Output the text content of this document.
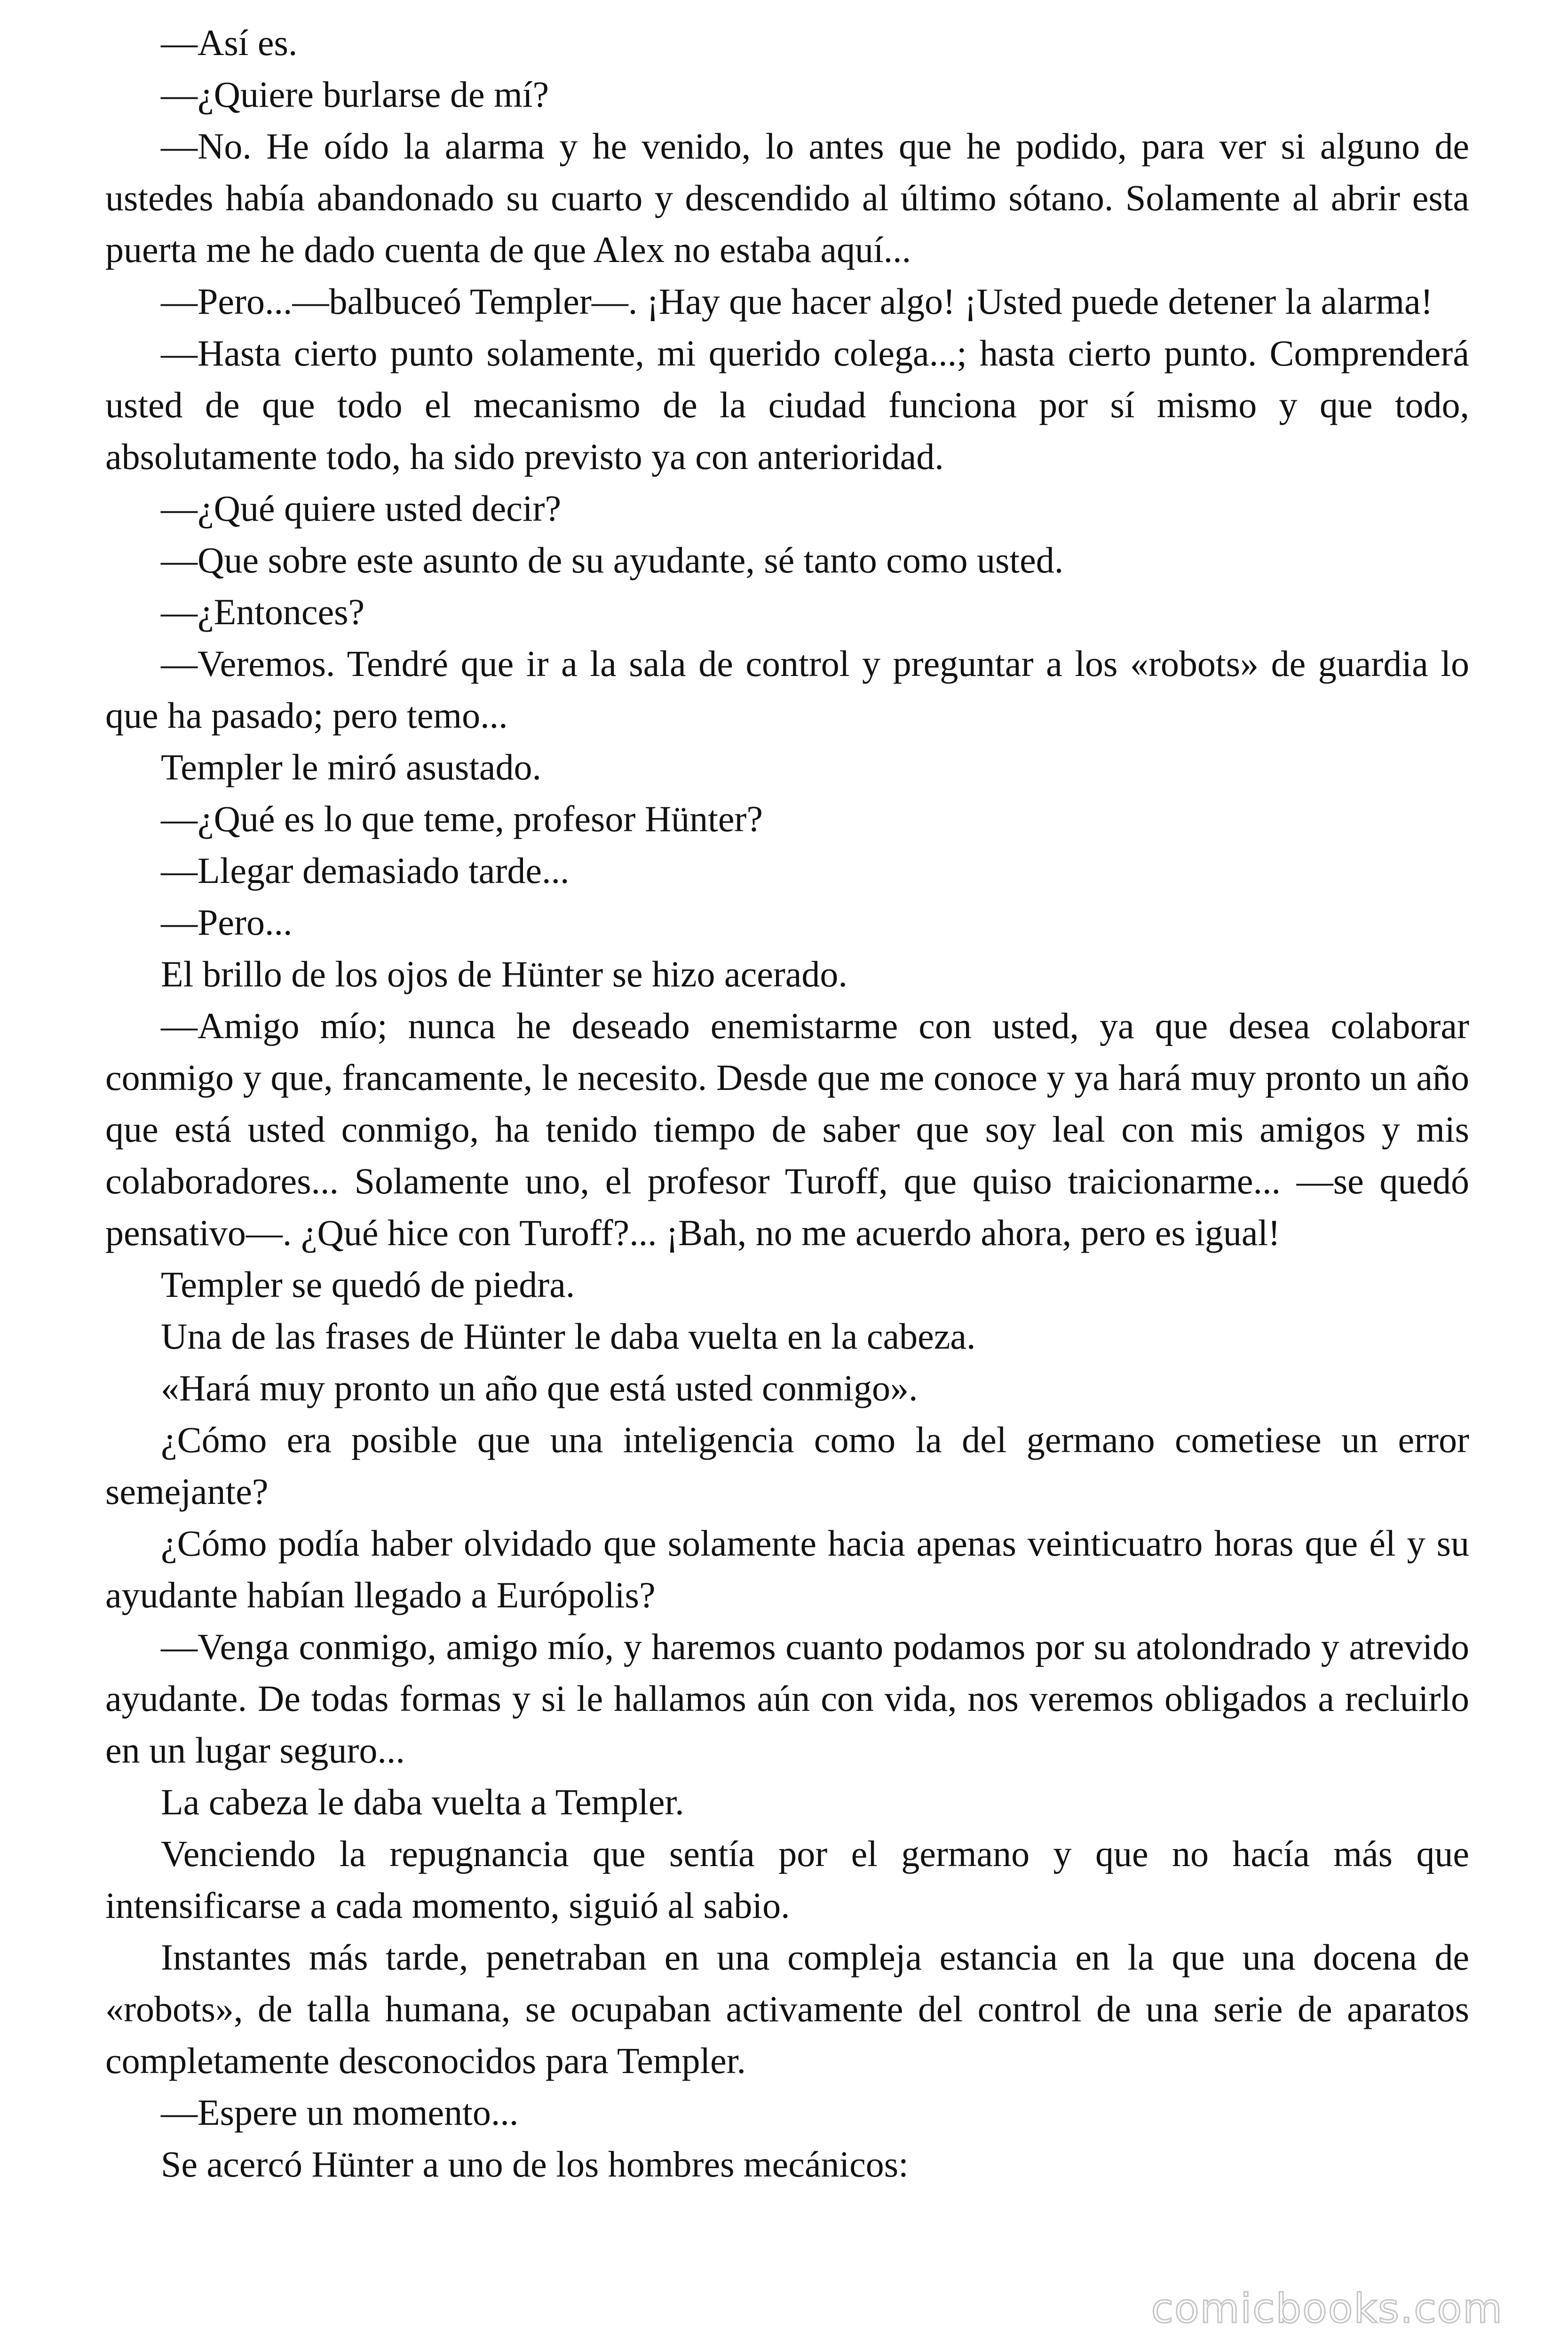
—Así es.

—¿Quiere burlarse de mí?

—No. He oído la alarma y he venido, lo antes que he podido, para ver si alguno de ustedes había abandonado su cuarto y descendido al último sótano. Solamente al abrir esta puerta me he dado cuenta de que Alex no estaba aquí...

—Pero...—balbuceó Templer—. ¡Hay que hacer algo! ¡Usted puede detener la alarma!

—Hasta cierto punto solamente, mi querido colega...; hasta cierto punto. Comprenderá usted de que todo el mecanismo de la ciudad funciona por sí mismo y que todo, absolutamente todo, ha sido previsto ya con anterioridad.

—¿Qué quiere usted decir?

—Que sobre este asunto de su ayudante, sé tanto como usted.

—¿Entonces?

—Veremos. Tendré que ir a la sala de control y preguntar a los «robots» de guardia lo que ha pasado; pero temo...

Templer le miró asustado.

—¿Qué es lo que teme, profesor Hünter?

—Llegar demasiado tarde...

—Pero...

El brillo de los ojos de Hünter se hizo acerado.

—Amigo mío; nunca he deseado enemistarme con usted, ya que desea colaborar conmigo y que, francamente, le necesito. Desde que me conoce y ya hará muy pronto un año que está usted conmigo, ha tenido tiempo de saber que soy leal con mis amigos y mis colaboradores... Solamente uno, el profesor Turoff, que quiso traicionarme... —se quedó pensativo—. ¿Qué hice con Turoff?... ¡Bah, no me acuerdo ahora, pero es igual!

Templer se quedó de piedra.

Una de las frases de Hünter le daba vuelta en la cabeza.

«Hará muy pronto un año que está usted conmigo».

¿Cómo era posible que una inteligencia como la del germano cometiese un error semejante?

¿Cómo podía haber olvidado que solamente hacia apenas veinticuatro horas que él y su ayudante habían llegado a Európolis?

—Venga conmigo, amigo mío, y haremos cuanto podamos por su atolondrado y atrevido ayudante. De todas formas y si le hallamos aún con vida, nos veremos obligados a recluirlo en un lugar seguro...

La cabeza le daba vuelta a Templer.

Venciendo la repugnancia que sentía por el germano y que no hacía más que intensificarse a cada momento, siguió al sabio.

Instantes más tarde, penetraban en una compleja estancia en la que una docena de «robots», de talla humana, se ocupaban activamente del control de una serie de aparatos completamente desconocidos para Templer.

—Espere un momento...

Se acercó Hünter a uno de los hombres mecánicos:

comicbooks.com
